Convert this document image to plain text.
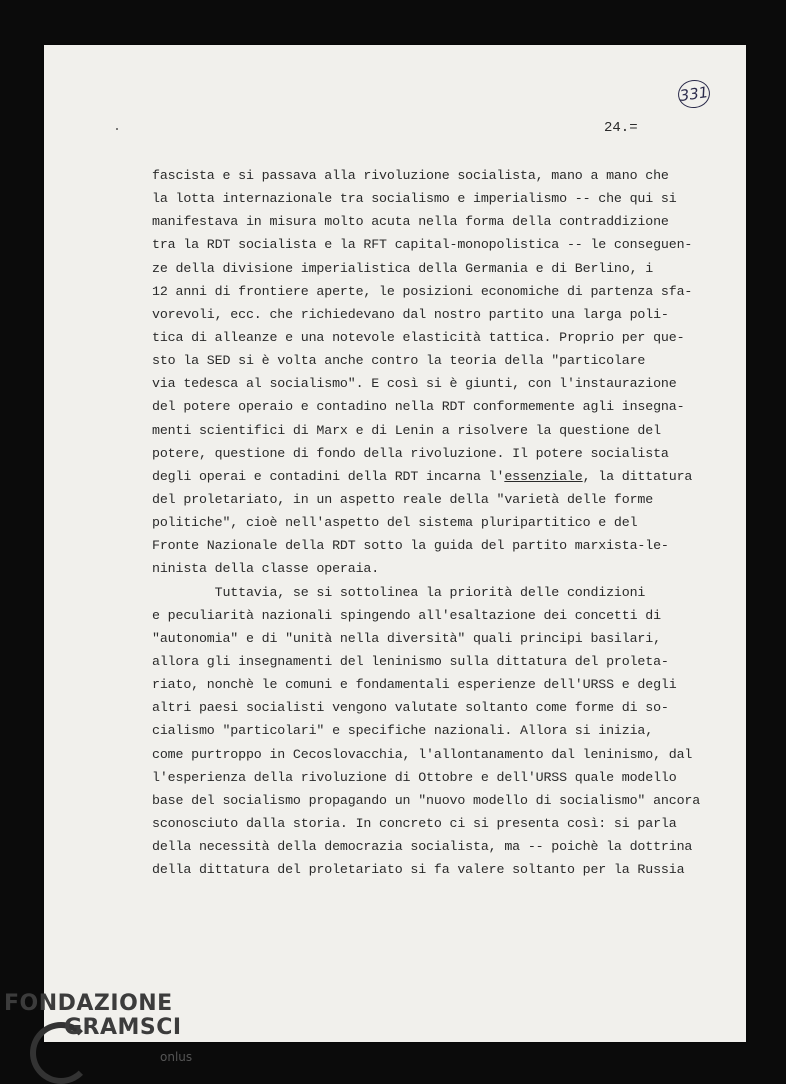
331
24.=
fascista e si passava alla rivoluzione socialista, mano a mano che
la lotta internazionale tra socialismo e imperialismo -- che qui si
manifestava in misura molto acuta nella forma della contraddizione
tra la RDT socialista e la RFT capital-monopolistica -- le conseguen-
ze della divisione imperialistica della Germania e di Berlino, i
12 anni di frontiere aperte, le posizioni economiche di partenza sfa-
vorevoli, ecc. che richiedevano dal nostro partito una larga poli-
tica di alleanze e una notevole elasticità tattica. Proprio per que-
sto la SED si è volta anche contro la teoria della "particolare
via tedesca al socialismo". E così si è giunti, con l'instaurazione
del potere operaio e contadino nella RDT conformemente agli insegna-
menti scientifici di Marx e di Lenin a risolvere la questione del
potere, questione di fondo della rivoluzione. Il potere socialista
degli operai e contadini della RDT incarna l'essenziale, la dittatura
del proletariato, in un aspetto reale della "varietà delle forme
politiche", cioè nell'aspetto del sistema pluripartitico e del
Fronte Nazionale della RDT sotto la guida del partito marxista-le-
ninista della classe operaia.
Tuttavia, se si sottolinea la priorità delle condizioni
e peculiarità nazionali spingendo all'esaltazione dei concetti di
"autonomia" e di "unità nella diversità" quali principi basilari,
allora gli insegnamenti del leninismo sulla dittatura del proleta-
riato, nonchè le comuni e fondamentali esperienze dell'URSS e degli
altri paesi socialisti vengono valutate soltanto come forme di so-
cialismo "particolari" e specifiche nazionali. Allora si inizia,
come purtroppo in Cecoslovacchia, l'allontanamento dal leninismo, dal
l'esperienza della rivoluzione di Ottobre e dell'URSS quale modello
base del socialismo propagando un "nuovo modello di socialismo" ancora
sconosciuto dalla storia. In concreto ci si presenta così: si parla
della necessità della democrazia socialista, ma -- poichè la dottrina
della dittatura del proletariato si fa valere soltanto per la Russia
FONDAZIONE
GRAMSCI
onlus
